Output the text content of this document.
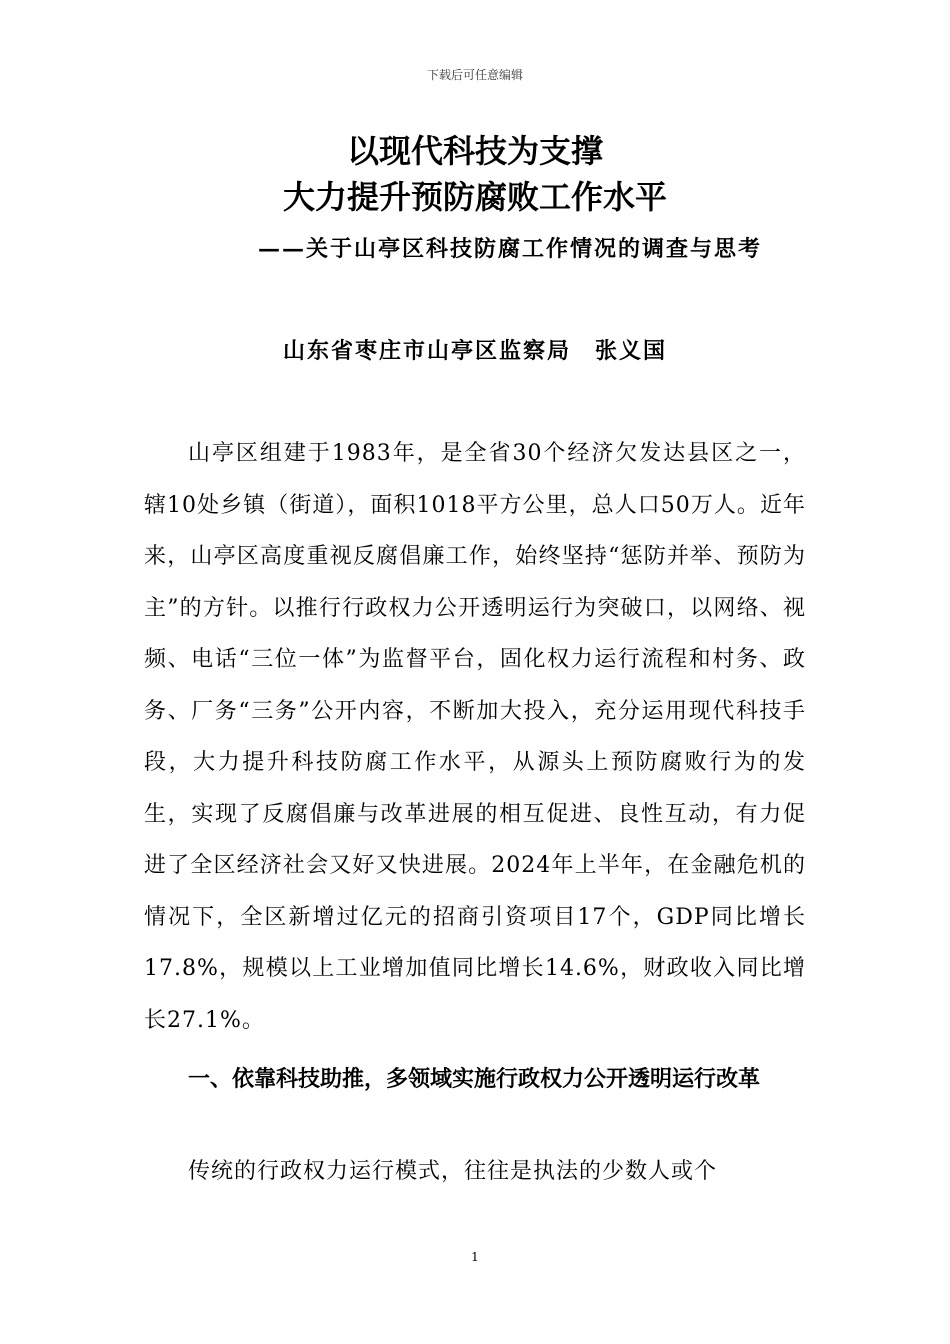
下载后可任意编辑
以现代科技为支撑
大力提升预防腐败工作水平
——关于山亭区科技防腐工作情况的调查与思考
山东省枣庄市山亭区监察局　张义国

山亭区组建于1983年，是全省30个经济欠发达县区之一，辖10处乡镇（街道），面积1018平方公里，总人口50万人。近年来，山亭区高度重视反腐倡廉工作，始终坚持“惩防并举、预防为主”的方针。以推行行政权力公开透明运行为突破口，以网络、视频、电话“三位一体”为监督平台，固化权力运行流程和村务、政务、厂务“三务”公开内容，不断加大投入，充分运用现代科技手段，大力提升科技防腐工作水平，从源头上预防腐败行为的发生，实现了反腐倡廉与改革进展的相互促进、良性互动，有力促进了全区经济社会又好又快进展。2024年上半年，在金融危机的情况下，全区新增过亿元的招商引资项目17个，GDP同比增长17.8%，规模以上工业增加值同比增长14.6%，财政收入同比增长27.1%。

一、依靠科技助推，多领域实施行政权力公开透明运行改革
传统的行政权力运行模式，往往是执法的少数人或个
1
